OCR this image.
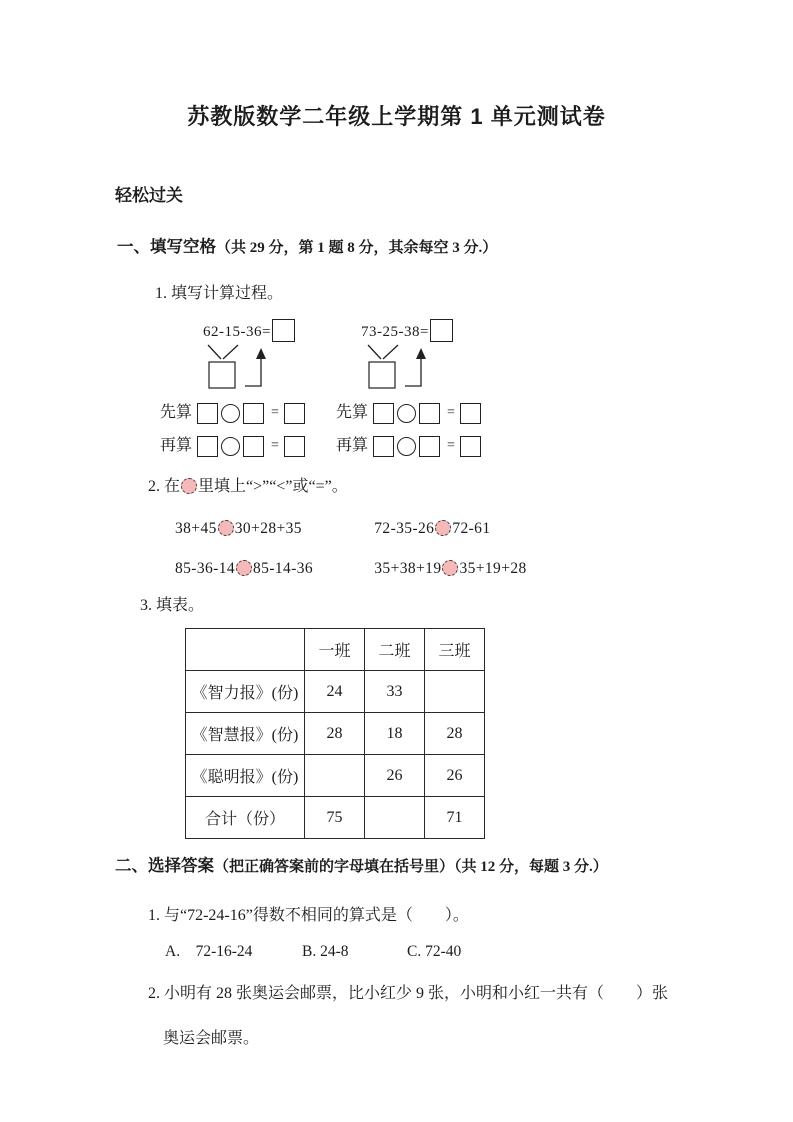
苏教版数学二年级上学期第 1 单元测试卷
轻松过关
一、填写空格（共 29 分，第 1 题 8 分，其余每空 3 分.）
1. 填写计算过程。
62-15-36=
先算	=
再算	=
73-25-38=
先算	=
再算	=
2. 在 里填上“>”“<”或“=”。
38+45 30+28+35	72-35-26 72-61
85-36-14 85-14-36	35+38+19 35+19+28
3. 填表。
	一班	二班	三班
《智力报》(份)	24	33	
《智慧报》(份)	28	18	28
《聪明报》(份)		26	26
合计（份）	75		71
二、选择答案（把正确答案前的字母填在括号里）（共 12 分，每题 3 分.）
1. 与“72-24-16”得数不相同的算式是（　　）。
A.　72-16-24	B. 24-8	C. 72-40
2. 小明有 28 张奥运会邮票，比小红少 9 张，小明和小红一共有（　　）张
奥运会邮票。
